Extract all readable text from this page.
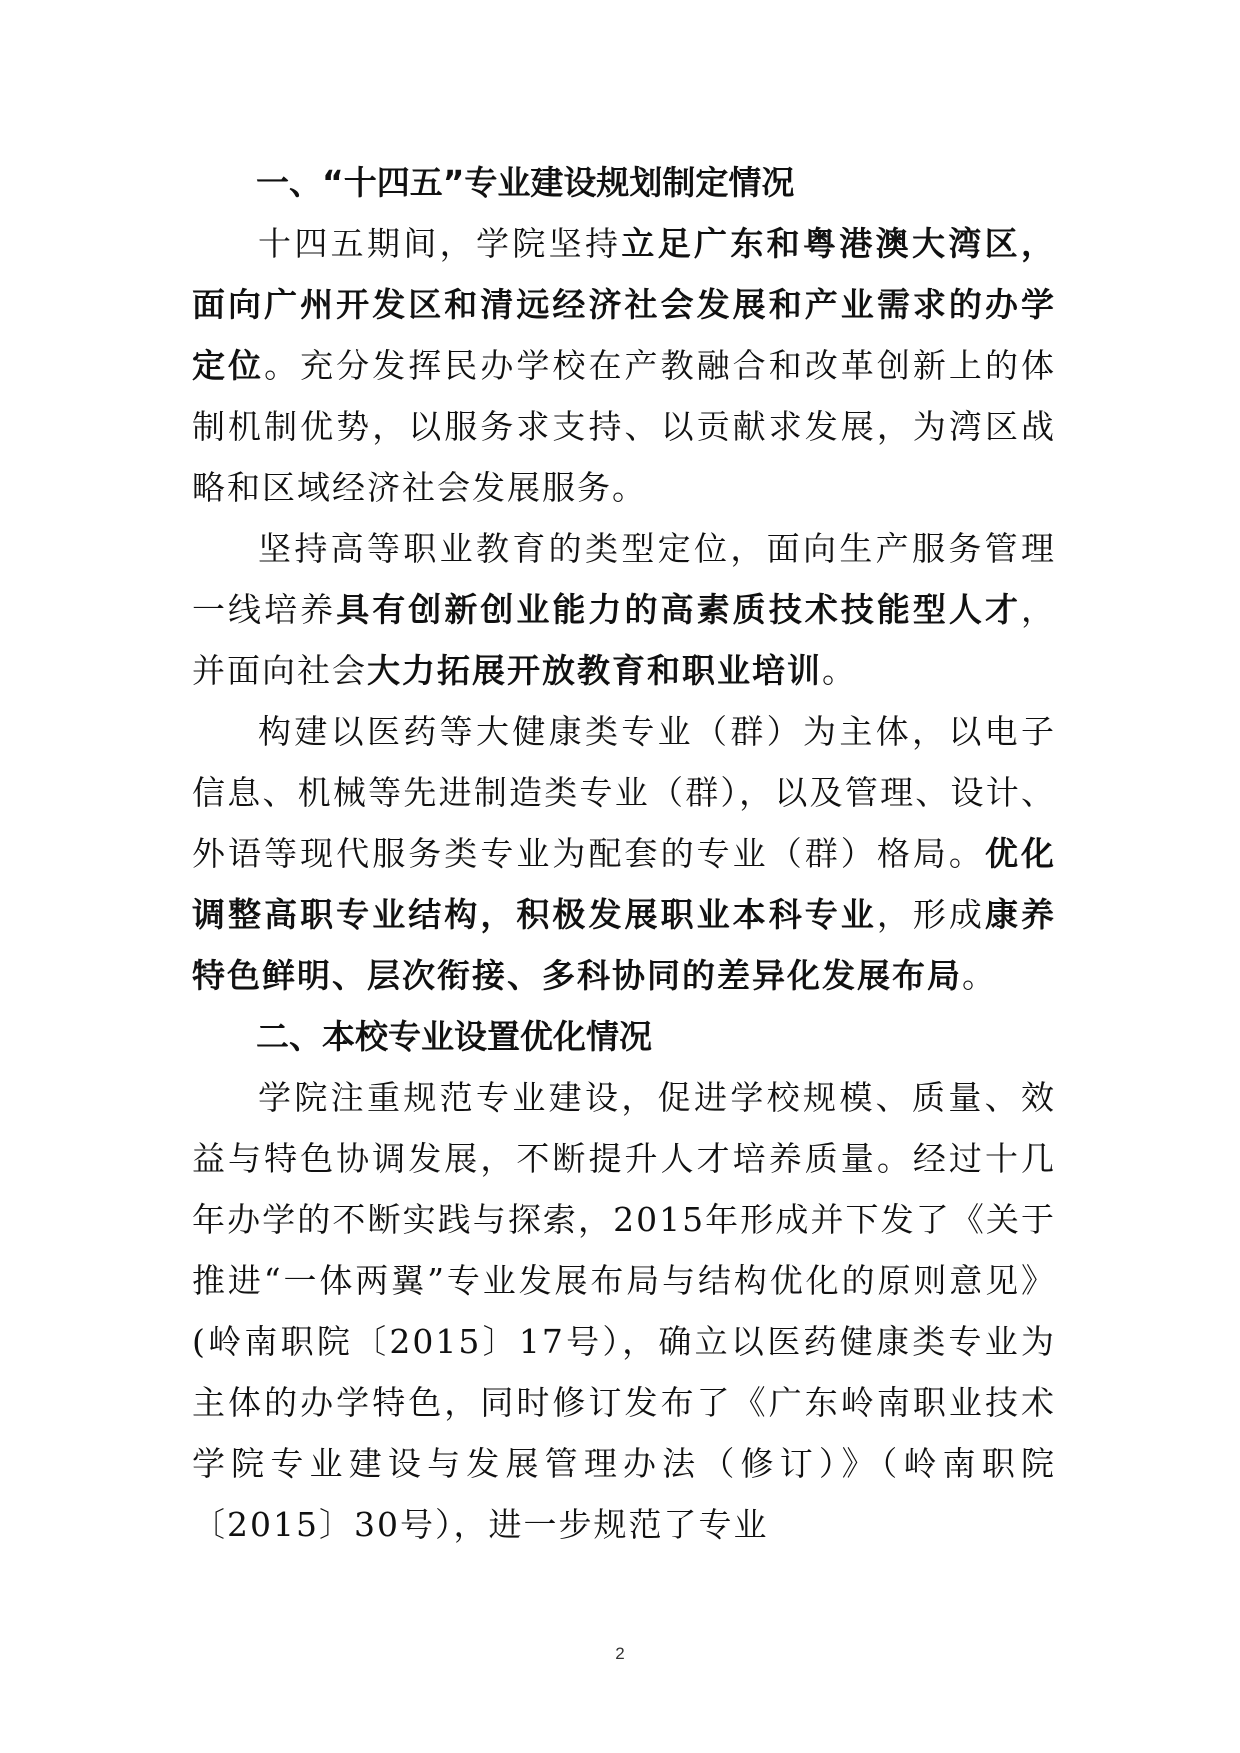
一、“十四五”专业建设规划制定情况

十四五期间，学院坚持立足广东和粤港澳大湾区，面向广州开发区和清远经济社会发展和产业需求的办学定位。充分发挥民办学校在产教融合和改革创新上的体制机制优势，以服务求支持、以贡献求发展，为湾区战略和区域经济社会发展服务。

坚持高等职业教育的类型定位，面向生产服务管理一线培养具有创新创业能力的高素质技术技能型人才，并面向社会大力拓展开放教育和职业培训。

构建以医药等大健康类专业（群）为主体，以电子信息、机械等先进制造类专业（群），以及管理、设计、外语等现代服务类专业为配套的专业（群）格局。优化调整高职专业结构，积极发展职业本科专业，形成康养特色鲜明、层次衔接、多科协同的差异化发展布局。

二、本校专业设置优化情况

学院注重规范专业建设，促进学校规模、质量、效益与特色协调发展，不断提升人才培养质量。经过十几年办学的不断实践与探索，2015年形成并下发了《关于推进“一体两翼”专业发展布局与结构优化的原则意见》(岭南职院〔2015〕17号），确立以医药健康类专业为主体的办学特色，同时修订发布了《广东岭南职业技术学院专业建设与发展管理办法（修订）》（岭南职院〔2015〕30号），进一步规范了专业

2
